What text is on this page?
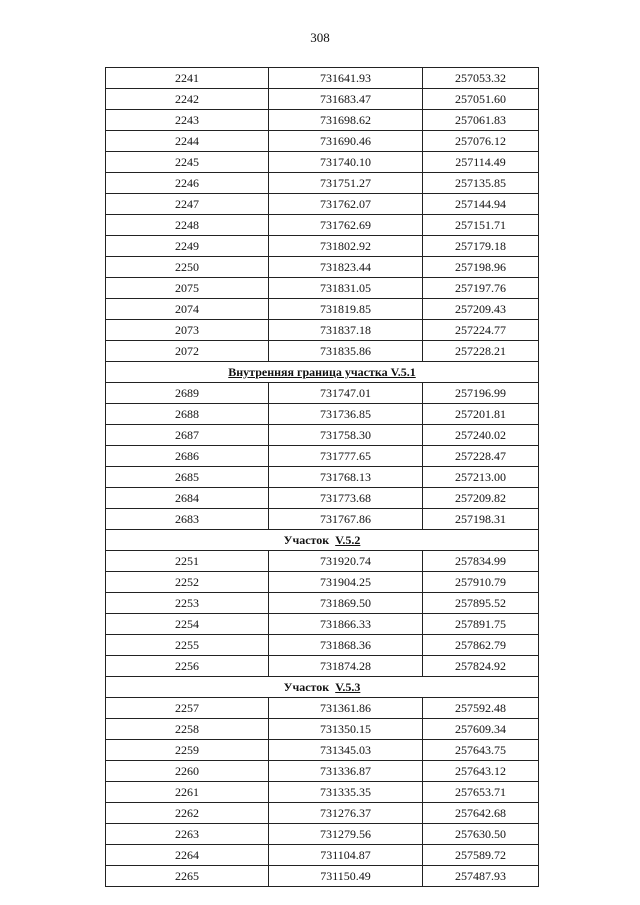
308
2241	731641.93	257053.32
2242	731683.47	257051.60
2243	731698.62	257061.83
2244	731690.46	257076.12
2245	731740.10	257114.49
2246	731751.27	257135.85
2247	731762.07	257144.94
2248	731762.69	257151.71
2249	731802.92	257179.18
2250	731823.44	257198.96
2075	731831.05	257197.76
2074	731819.85	257209.43
2073	731837.18	257224.77
2072	731835.86	257228.21
Внутренняя граница участка V.5.1		
2689	731747.01	257196.99
2688	731736.85	257201.81
2687	731758.30	257240.02
2686	731777.65	257228.47
2685	731768.13	257213.00
2684	731773.68	257209.82
2683	731767.86	257198.31
Участок V.5.2		
2251	731920.74	257834.99
2252	731904.25	257910.79
2253	731869.50	257895.52
2254	731866.33	257891.75
2255	731868.36	257862.79
2256	731874.28	257824.92
Участок V.5.3		
2257	731361.86	257592.48
2258	731350.15	257609.34
2259	731345.03	257643.75
2260	731336.87	257643.12
2261	731335.35	257653.71
2262	731276.37	257642.68
2263	731279.56	257630.50
2264	731104.87	257589.72
2265	731150.49	257487.93
